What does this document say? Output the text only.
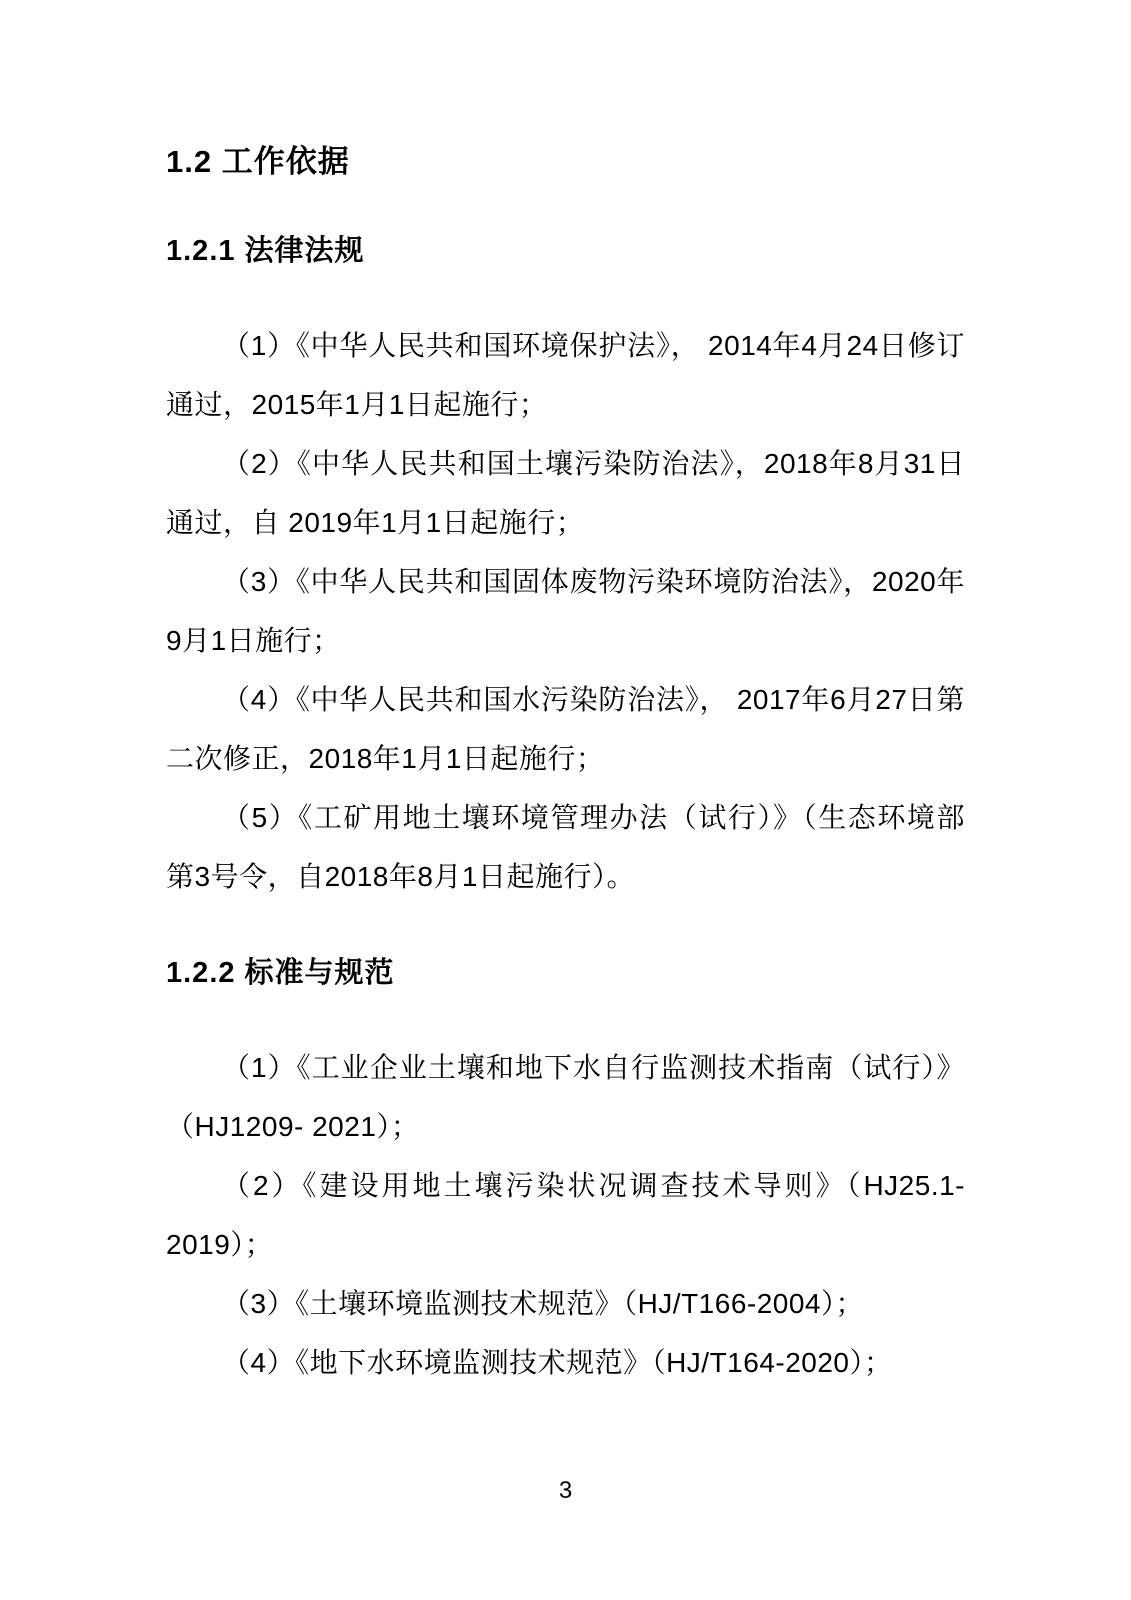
1.2 工作依据
1.2.1 法律法规

（1）《中华人民共和国环境保护法》， 2014年4月24日修订通过，2015年1月1日起施行；

（2）《中华人民共和国土壤污染防治法》，2018年8月31日通过，自 2019年1月1日起施行；

（3）《中华人民共和国固体废物污染环境防治法》，2020年9月1日施行；

（4）《中华人民共和国水污染防治法》， 2017年6月27日第二次修正，2018年1月1日起施行；

（5）《工矿用地土壤环境管理办法（试行）》（生态环境部第3号令，自2018年8月1日起施行）。

1.2.2 标准与规范

（1）《工业企业土壤和地下水自行监测技术指南（试行）》（HJ1209- 2021）；

（2）《建设用地土壤污染状况调查技术导则》（HJ25.1-2019）；

（3）《土壤环境监测技术规范》（HJ/T166-2004）；

（4）《地下水环境监测技术规范》（HJ/T164-2020）；

3
